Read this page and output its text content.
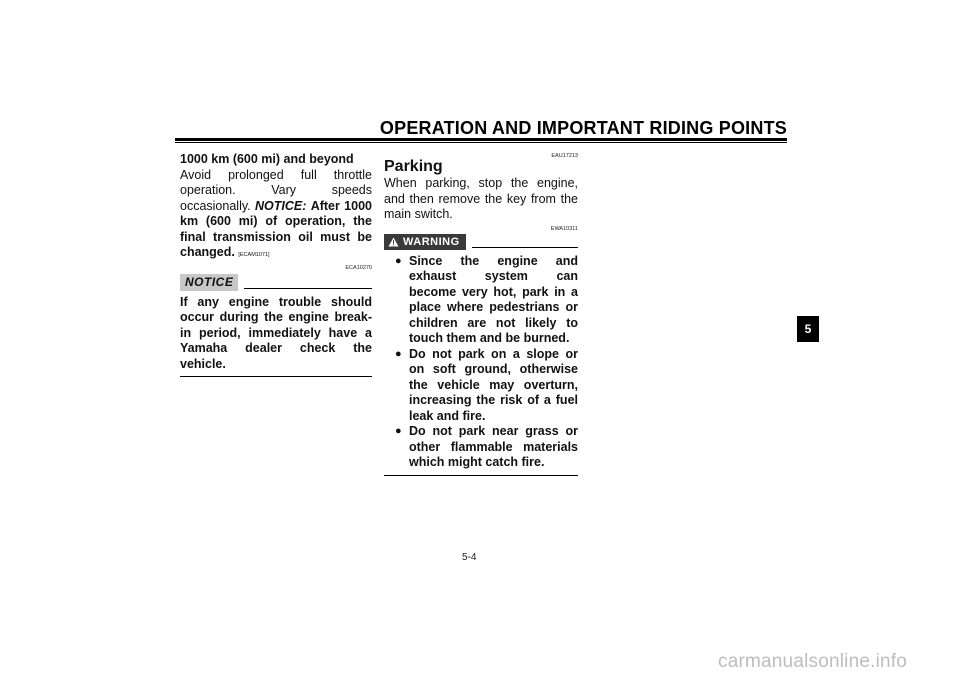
OPERATION AND IMPORTANT RIDING POINTS
1000 km (600 mi) and beyond
Avoid prolonged full throttle operation. Vary speeds occasionally. NOTICE: After 1000 km (600 mi) of operation, the final transmission oil must be changed. [ECAM1071]
ECA10270
NOTICE
If any engine trouble should occur during the engine break-in period, immediately have a Yamaha dealer check the vehicle.
EAU17213
Parking
When parking, stop the engine, and then remove the key from the main switch.
EWA10311
WARNING
● Since the engine and exhaust system can become very hot, park in a place where pedestrians or children are not likely to touch them and be burned.
● Do not park on a slope or on soft ground, otherwise the vehicle may overturn, increasing the risk of a fuel leak and fire.
● Do not park near grass or other flammable materials which might catch fire.
5
5-4
carmanualsonline.info
